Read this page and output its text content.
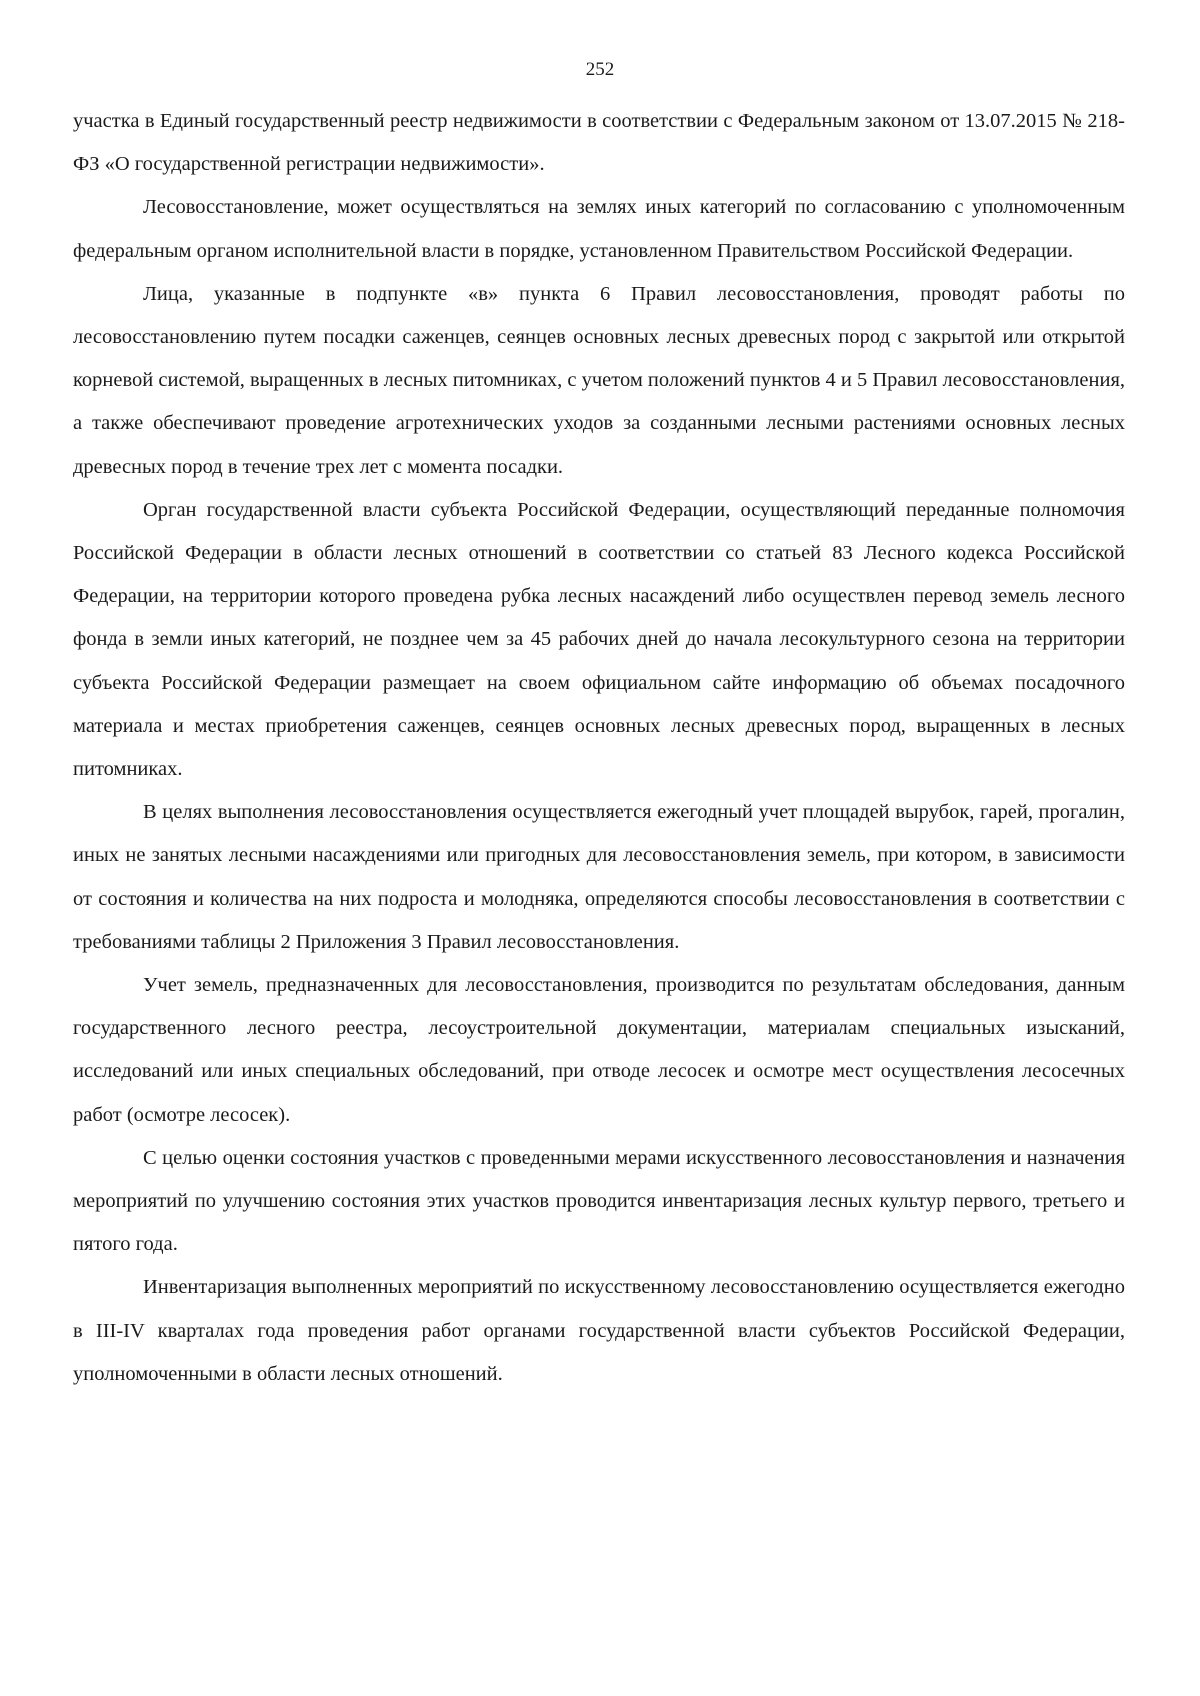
252

участка в Единый государственный реестр недвижимости в соответствии с Федеральным законом от 13.07.2015 № 218-ФЗ «О государственной регистрации недвижимости».

Лесовосстановление, может осуществляться на землях иных категорий по согласованию с уполномоченным федеральным органом исполнительной власти в порядке, установленном Правительством Российской Федерации.

Лица, указанные в подпункте «в» пункта 6 Правил лесовосстановления, проводят работы по лесовосстановлению путем посадки саженцев, сеянцев основных лесных древесных пород с закрытой или открытой корневой системой, выращенных в лесных питомниках, с учетом положений пунктов 4 и 5 Правил лесовосстановления, а также обеспечивают проведение агротехнических уходов за созданными лесными растениями основных лесных древесных пород в течение трех лет с момента посадки.

Орган государственной власти субъекта Российской Федерации, осуществляющий переданные полномочия Российской Федерации в области лесных отношений в соответствии со статьей 83 Лесного кодекса Российской Федерации, на территории которого проведена рубка лесных насаждений либо осуществлен перевод земель лесного фонда в земли иных категорий, не позднее чем за 45 рабочих дней до начала лесокультурного сезона на территории субъекта Российской Федерации размещает на своем официальном сайте информацию об объемах посадочного материала и местах приобретения саженцев, сеянцев основных лесных древесных пород, выращенных в лесных питомниках.

В целях выполнения лесовосстановления осуществляется ежегодный учет площадей вырубок, гарей, прогалин, иных не занятых лесными насаждениями или пригодных для лесовосстановления земель, при котором, в зависимости от состояния и количества на них подроста и молодняка, определяются способы лесовосстановления в соответствии с требованиями таблицы 2 Приложения 3 Правил лесовосстановления.

Учет земель, предназначенных для лесовосстановления, производится по результатам обследования, данным государственного лесного реестра, лесоустроительной документации, материалам специальных изысканий, исследований или иных специальных обследований, при отводе лесосек и осмотре мест осуществления лесосечных работ (осмотре лесосек).

С целью оценки состояния участков с проведенными мерами искусственного лесовосстановления и назначения мероприятий по улучшению состояния этих участков проводится инвентаризация лесных культур первого, третьего и пятого года.

Инвентаризация выполненных мероприятий по искусственному лесовосстановлению осуществляется ежегодно в III-IV кварталах года проведения работ органами государственной власти субъектов Российской Федерации, уполномоченными в области лесных отношений.
